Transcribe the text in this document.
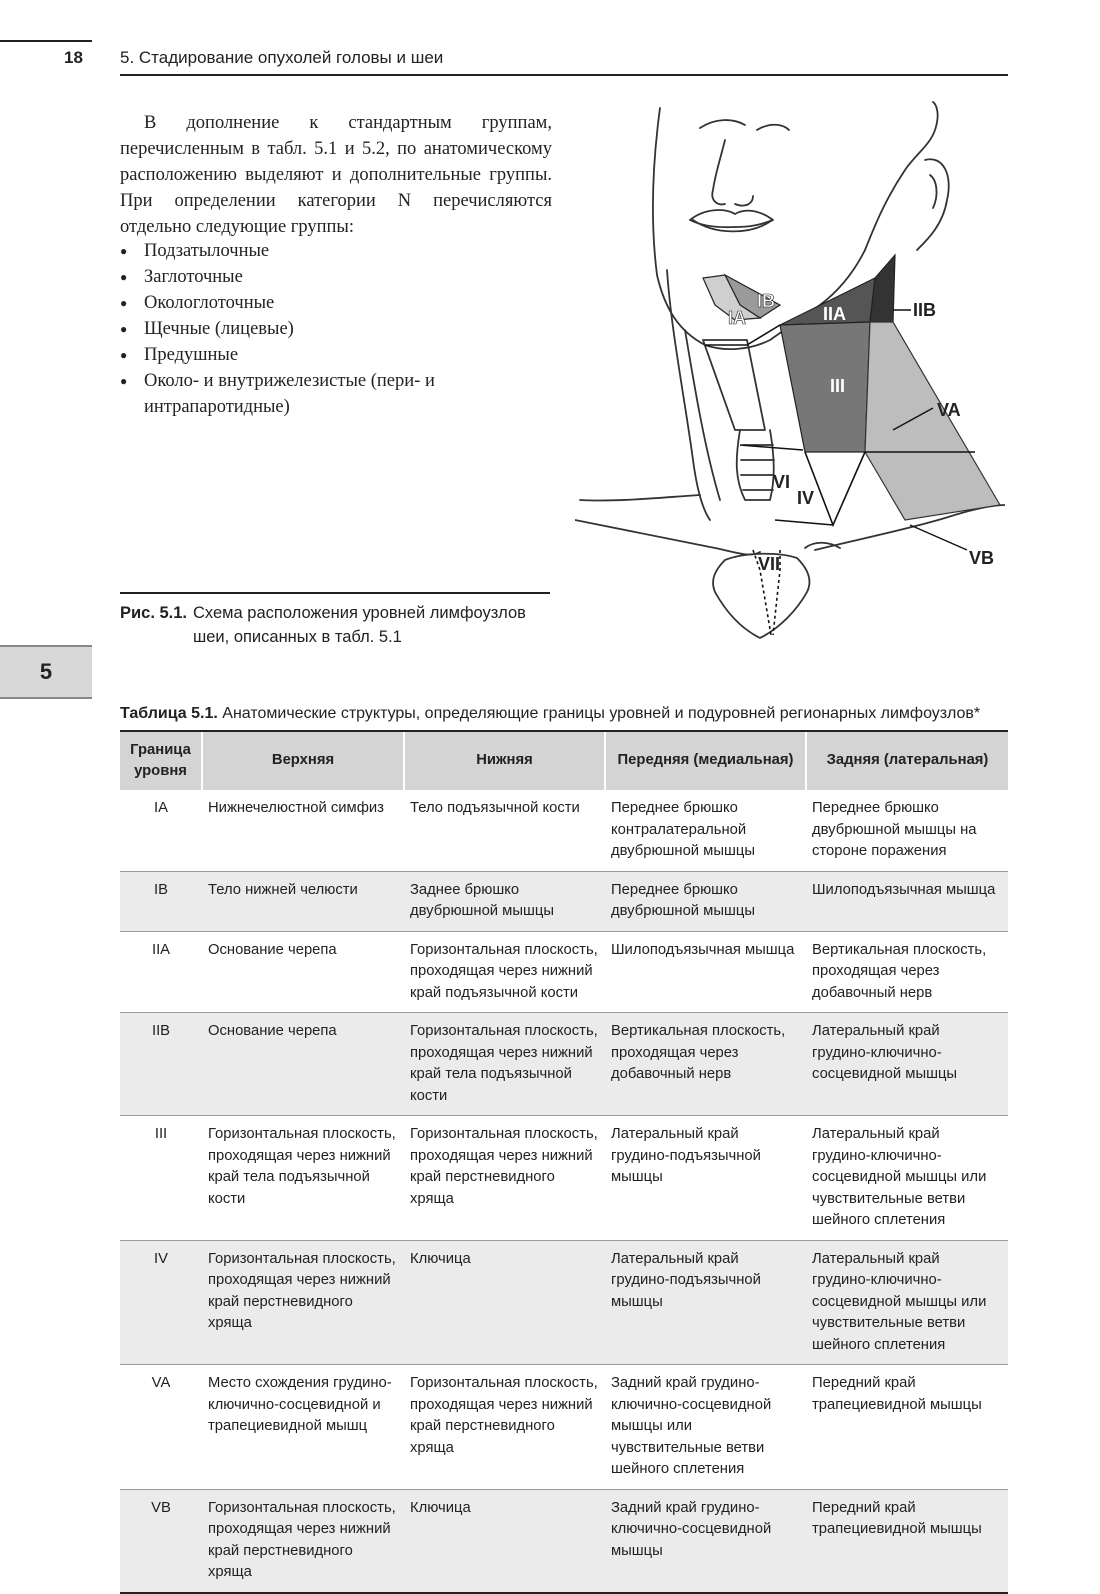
18 5. Стадирование опухолей головы и шеи

В дополнение к стандартным группам, перечисленным в табл. 5.1 и 5.2, по анатомическому расположению выделяют и дополнительные группы. При определении категории N перечисляются отдельно следующие группы:

● Подзатылочные
● Заглоточные
● Окологлоточные
● Щечные (лицевые)
● Предушные
● Около- и внутрижелезистые (пери- и интрапаротидные)
IA
IB
IIA	IIB
III
VA
VI
IV
VB
VII
Рис. 5.1. Схема расположения уровней лимфоузлов шеи, описанных в табл. 5.1
5
Таблица 5.1. Анатомические структуры, определяющие границы уровней и подуровней регионарных лимфоузлов*
Граница уровня	Верхняя	Нижняя	Передняя (медиальная)	Задняя (латеральная)
IA	Нижнечелюстной симфиз	Тело подъязычной кости	Переднее брюшко контралатеральной двубрюшной мышцы	Переднее брюшко двубрюшной мышцы на стороне поражения
IB	Тело нижней челюсти	Заднее брюшко двубрюшной мышцы	Переднее брюшко двубрюшной мышцы	Шилоподъязычная мышца
IIA	Основание черепа	Горизонтальная плоскость, проходящая через нижний край подъязычной кости	Шилоподъязычная мышца	Вертикальная плоскость, проходящая через добавочный нерв
IIB	Основание черепа	Горизонтальная плоскость, проходящая через нижний край тела подъязычной кости	Вертикальная плоскость, проходящая через добавочный нерв	Латеральный край грудино-ключично-сосцевидной мышцы
III	Горизонтальная плоскость, проходящая через нижний край тела подъязычной кости	Горизонтальная плоскость, проходящая через нижний край перстневидного хряща	Латеральный край грудино-подъязычной мышцы	Латеральный край грудино-ключично-сосцевидной мышцы или чувствительные ветви шейного сплетения
IV	Горизонтальная плоскость, проходящая через нижний край перстневидного хряща	Ключица	Латеральный край грудино-подъязычной мышцы	Латеральный край грудино-ключично-сосцевидной мышцы или чувствительные ветви шейного сплетения
VA	Место схождения грудино-ключично-сосцевидной и трапециевидной мышц	Горизонтальная плоскость, проходящая через нижний край перстневидного хряща	Задний край грудино-ключично-сосцевидной мышцы или чувствительные ветви шейного сплетения	Передний край трапециевидной мышцы
VB	Горизонтальная плоскость, проходящая через нижний край перстневидного хряща	Ключица	Задний край грудино-ключично-сосцевидной мышцы	Передний край трапециевидной мышцы
